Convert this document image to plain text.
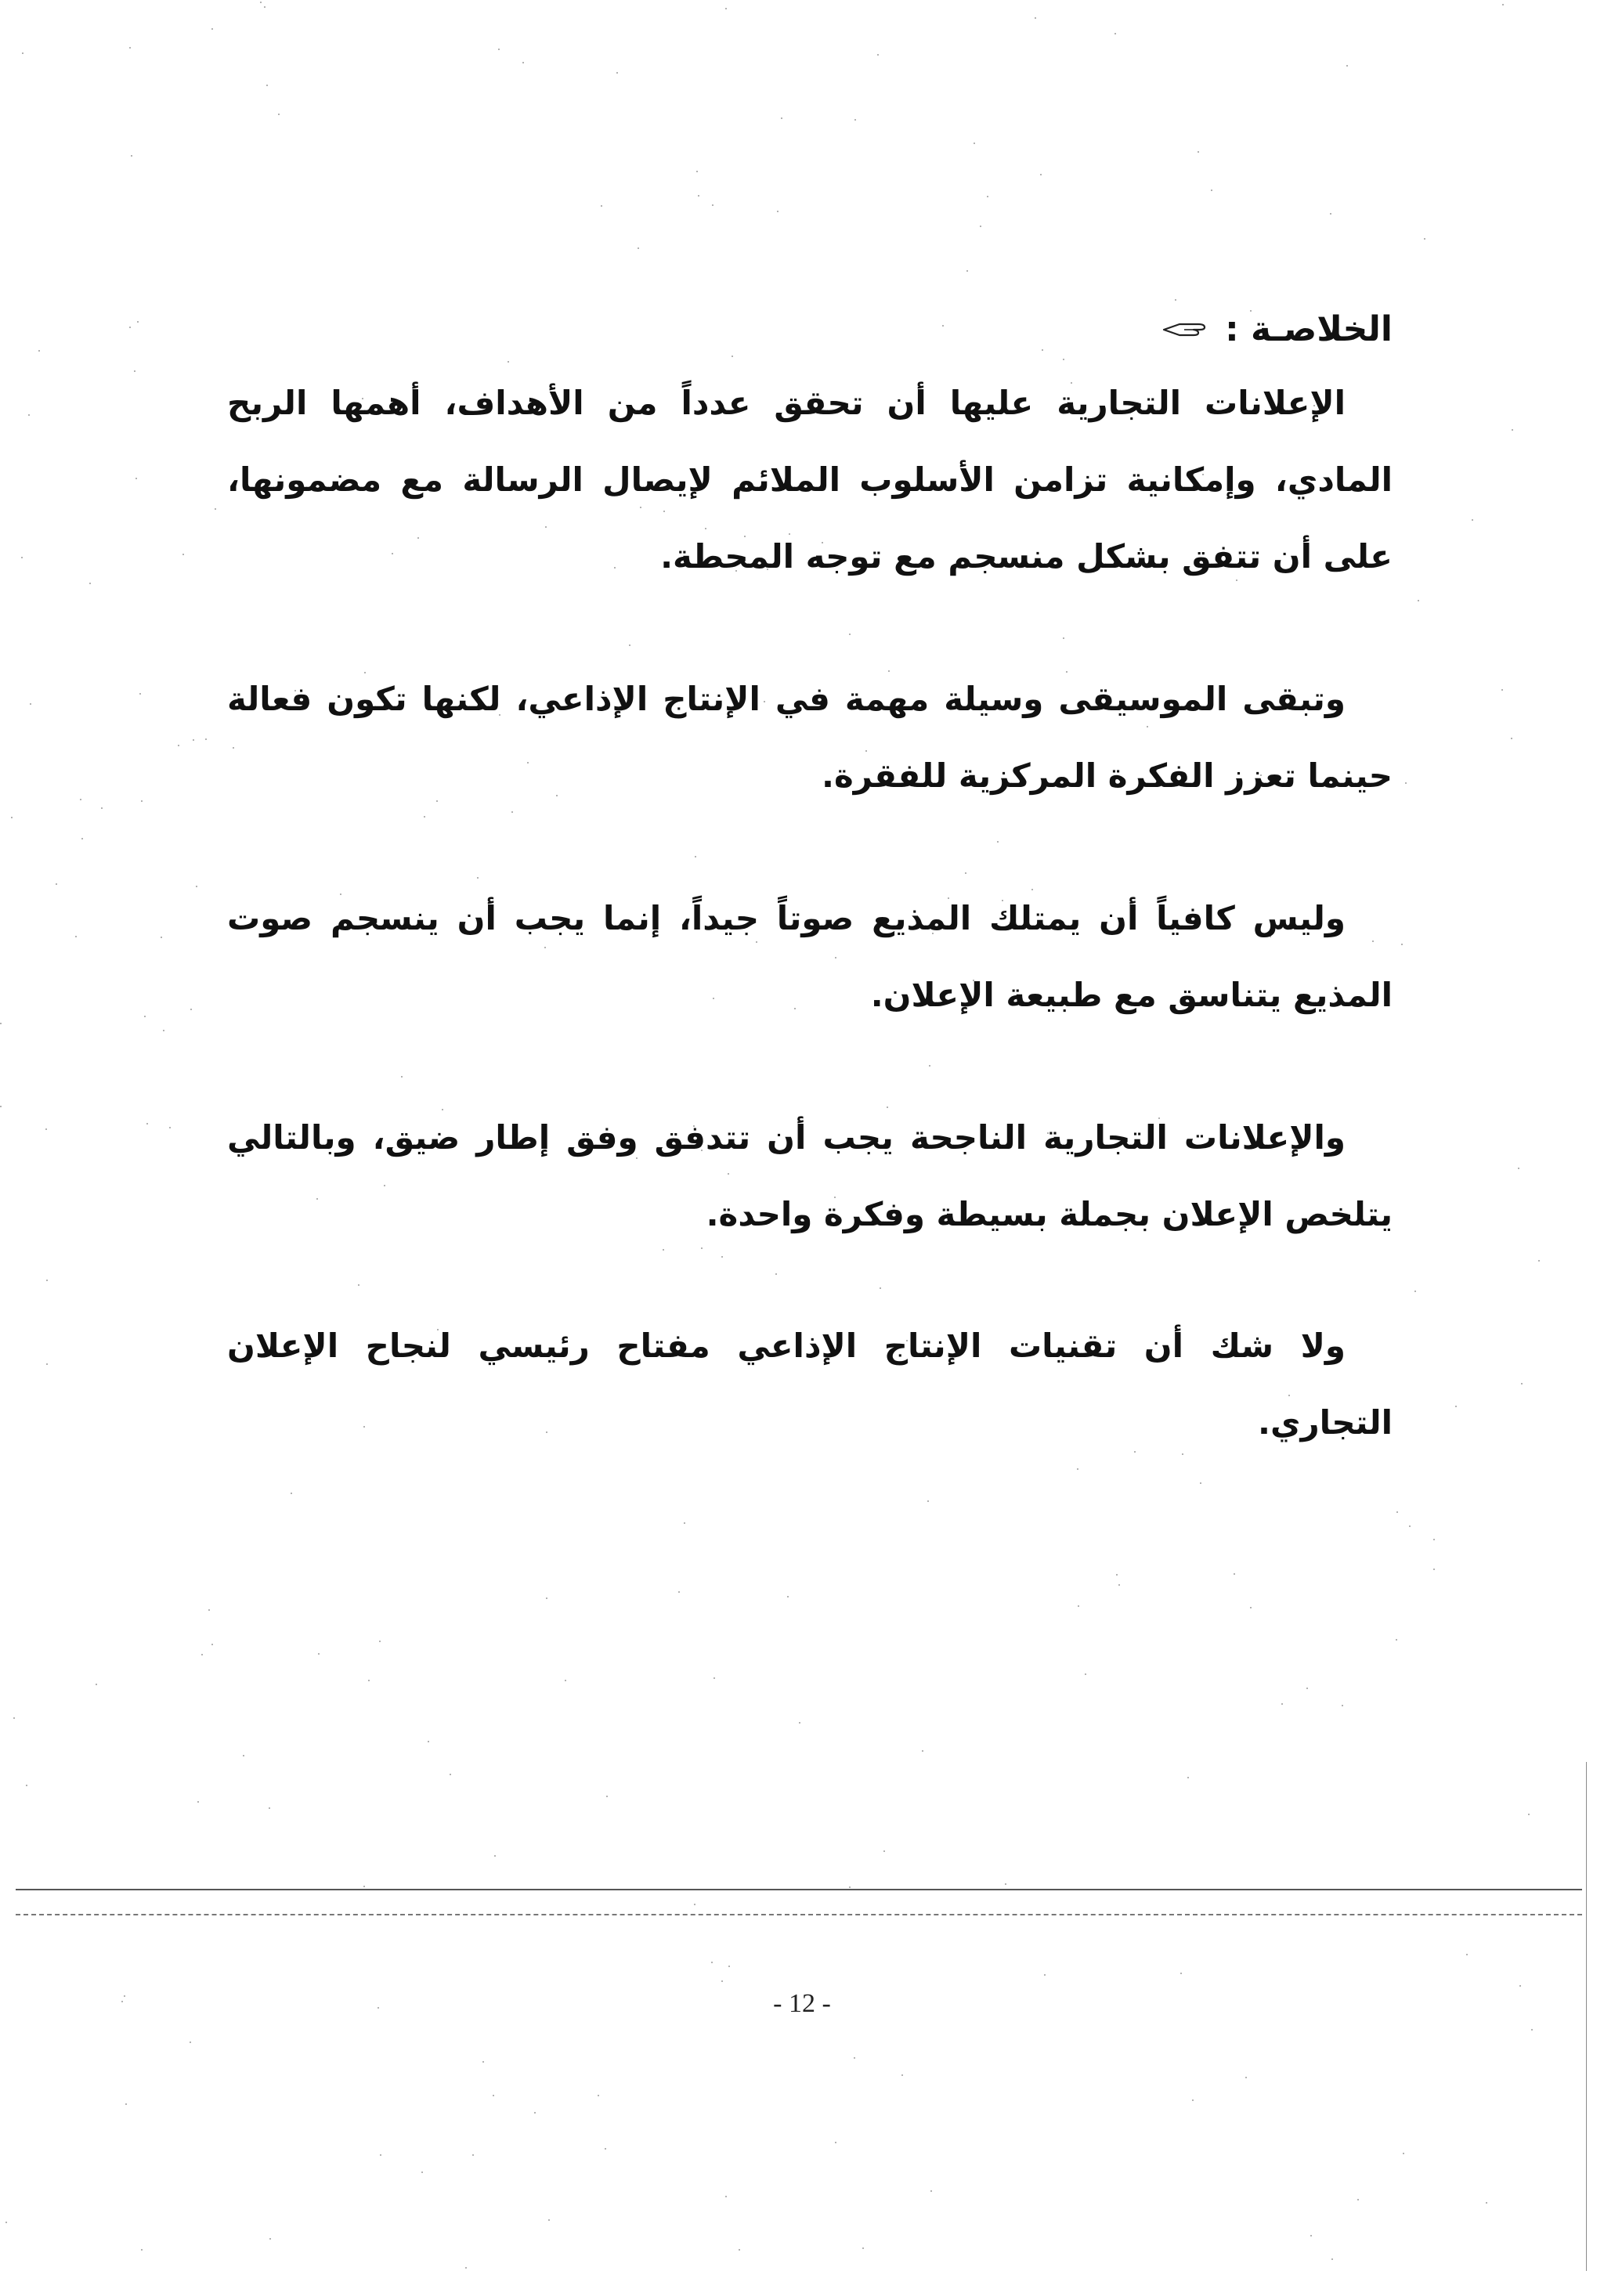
الخلاصـة :

الإعلانات التجارية عليها أن تحقق عدداً من الأهداف، أهمها الربح المادي، وإمكانية تزامن الأسلوب الملائم لإيصال الرسالة مع مضمونها، على أن تتفق بشكل منسجم مع توجه المحطة.

وتبقى الموسيقى وسيلة مهمة في الإنتاج الإذاعي، لكنها تكون فعالة حينما تعزز الفكرة المركزية للفقرة.

وليس كافياً أن يمتلك المذيع صوتاً جيداً، إنما يجب أن ينسجم صوت المذيع يتناسق مع طبيعة الإعلان.

والإعلانات التجارية الناجحة يجب أن تتدفق وفق إطار ضيق، وبالتالي يتلخص الإعلان بجملة بسيطة وفكرة واحدة.

ولا شك أن تقنيات الإنتاج الإذاعي مفتاح رئيسي لنجاح الإعلان التجاري.

- 12 -
